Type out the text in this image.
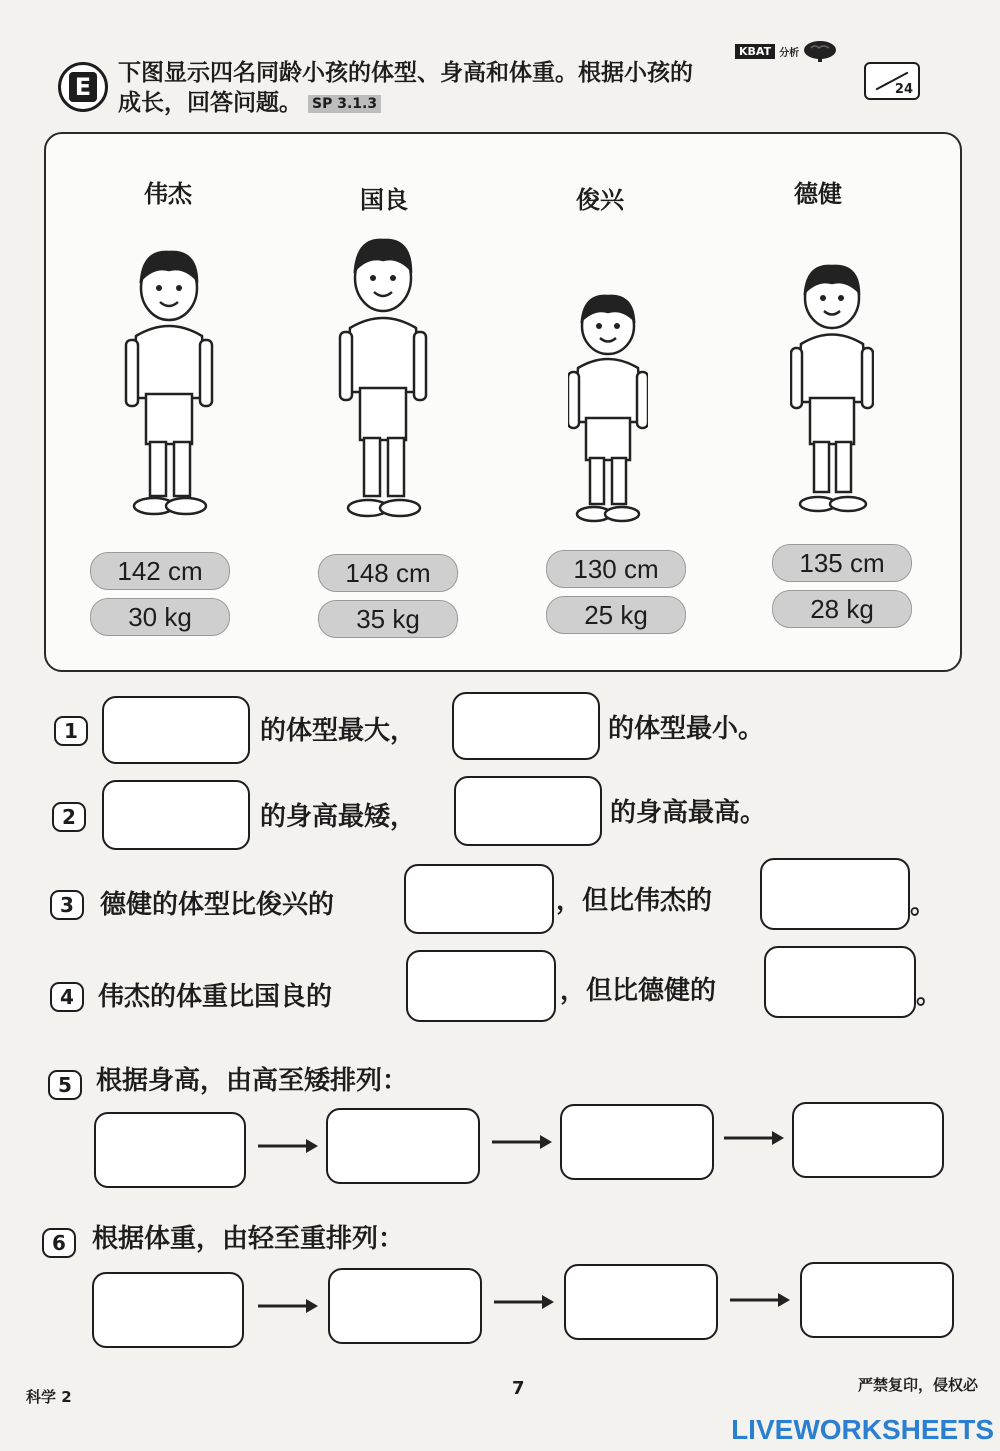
E 下图显示四名同龄小孩的体型、身高和体重。根据小孩的
成长，回答问题。 SP 3.1.3
KBAT 分析
24
伟杰
142 cm
30 kg
国良
148 cm
35 kg
俊兴
130 cm
25 kg
德健
135 cm
28 kg
1	的体型最大，	的体型最小。
2	的身高最矮，	的身高最高。
3	德健的体型比俊兴的	，但比伟杰的	。
4 伟杰的体重比国良的	，但比德健的	。
5 根据身高，由高至矮排列：
6	根据体重，由轻至重排列：
科学 2	7	严禁复印，侵权必
LIVEWORKSHEETS
